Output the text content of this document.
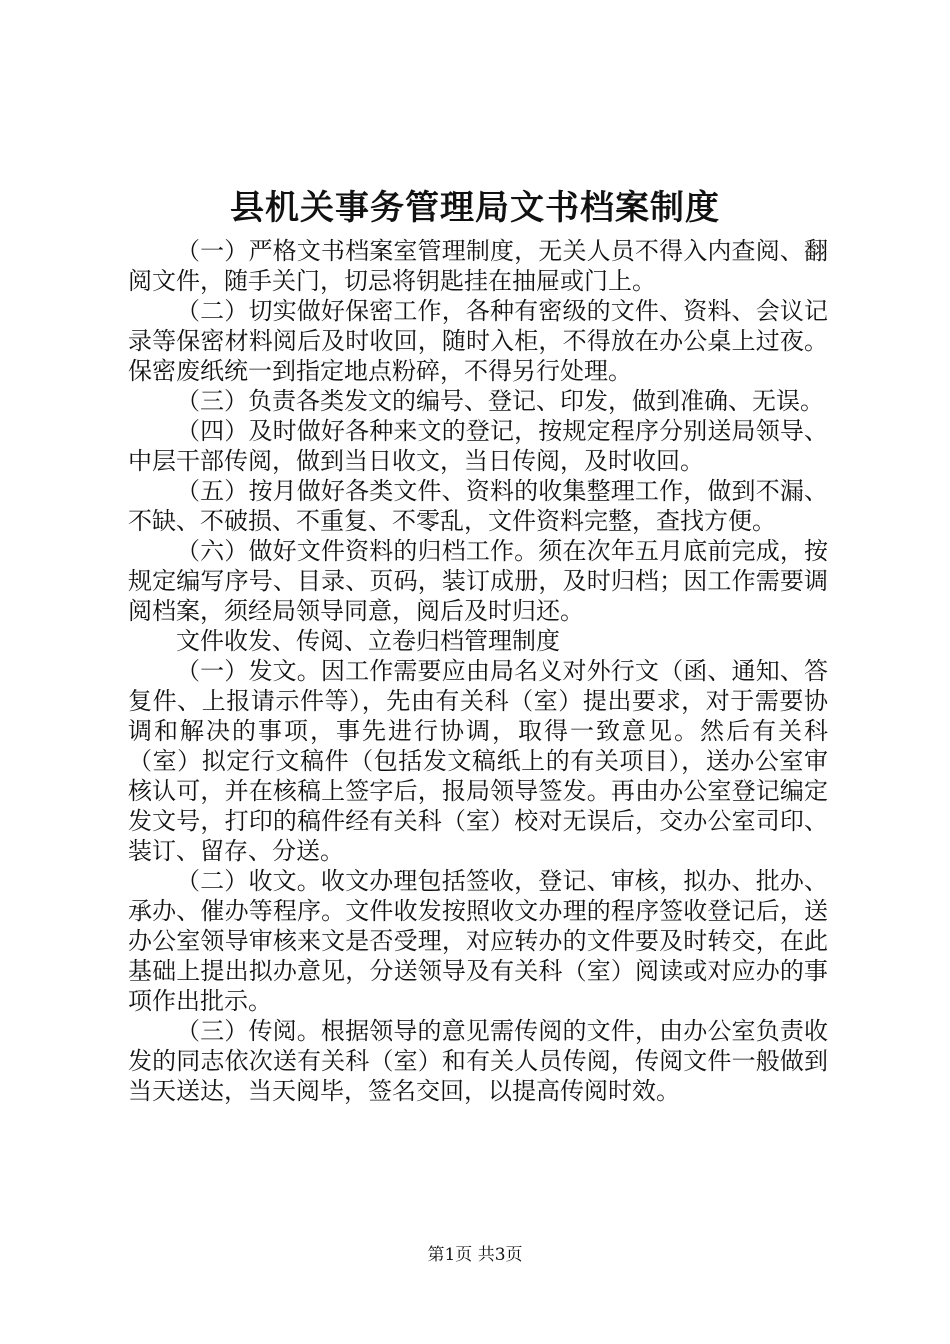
县机关事务管理局文书档案制度

（一）严格文书档案室管理制度，无关人员不得入内查阅、翻阅文件，随手关门，切忌将钥匙挂在抽屉或门上。

（二）切实做好保密工作，各种有密级的文件、资料、会议记录等保密材料阅后及时收回，随时入柜，不得放在办公桌上过夜。保密废纸统一到指定地点粉碎，不得另行处理。

（三）负责各类发文的编号、登记、印发，做到准确、无误。

（四）及时做好各种来文的登记，按规定程序分别送局领导、中层干部传阅，做到当日收文，当日传阅，及时收回。

（五）按月做好各类文件、资料的收集整理工作，做到不漏、不缺、不破损、不重复、不零乱，文件资料完整，查找方便。

（六）做好文件资料的归档工作。须在次年五月底前完成，按规定编写序号、目录、页码，装订成册，及时归档；因工作需要调阅档案，须经局领导同意，阅后及时归还。

文件收发、传阅、立卷归档管理制度

（一）发文。因工作需要应由局名义对外行文（函、通知、答复件、上报请示件等），先由有关科（室）提出要求，对于需要协调和解决的事项，事先进行协调，取得一致意见。然后有关科（室）拟定行文稿件（包括发文稿纸上的有关项目），送办公室审核认可，并在核稿上签字后，报局领导签发。再由办公室登记编定发文号，打印的稿件经有关科（室）校对无误后，交办公室司印、装订、留存、分送。

（二）收文。收文办理包括签收，登记、审核，拟办、批办、承办、催办等程序。文件收发按照收文办理的程序签收登记后，送办公室领导审核来文是否受理，对应转办的文件要及时转交，在此基础上提出拟办意见，分送领导及有关科（室）阅读或对应办的事项作出批示。

（三）传阅。根据领导的意见需传阅的文件，由办公室负责收发的同志依次送有关科（室）和有关人员传阅，传阅文件一般做到当天送达，当天阅毕，签名交回，以提高传阅时效。

第1页 共3页
